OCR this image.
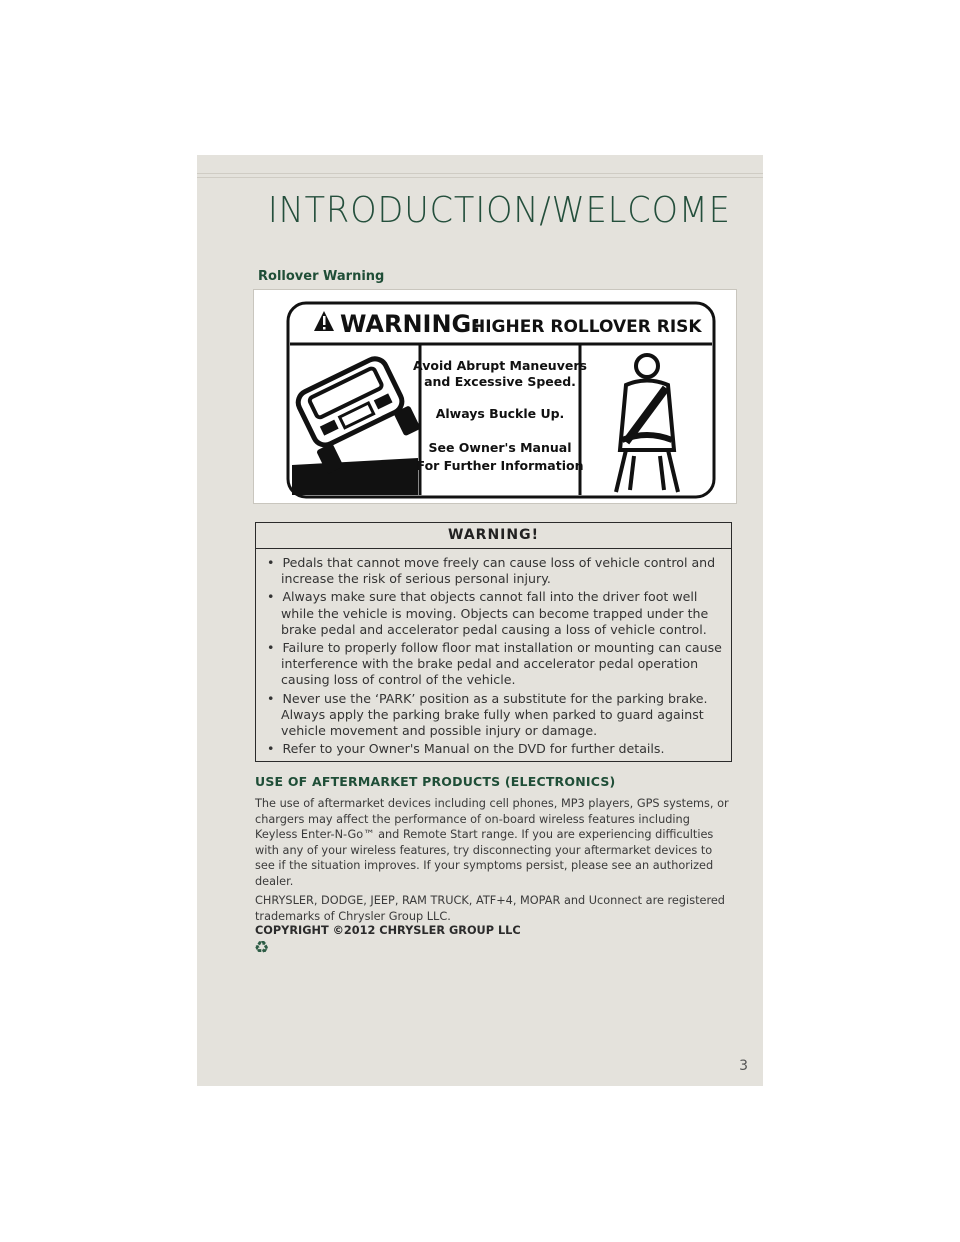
INTRODUCTION/WELCOME
Rollover Warning
WARNING:
HIGHER ROLLOVER RISK
Avoid Abrupt Maneuvers
and Excessive Speed.
Always Buckle Up.
See Owner's Manual
For Further Information
WARNING!
• Pedals that cannot move freely can cause loss of vehicle control and increase the risk of serious personal injury.
• Always make sure that objects cannot fall into the driver foot well while the vehicle is moving. Objects can become trapped under the brake pedal and accelerator pedal causing a loss of vehicle control.
• Failure to properly follow floor mat installation or mounting can cause interference with the brake pedal and accelerator pedal operation causing loss of control of the vehicle.
• Never use the ‘PARK’ position as a substitute for the parking brake. Always apply the parking brake fully when parked to guard against vehicle movement and possible injury or damage.
• Refer to your Owner's Manual on the DVD for further details.
USE OF AFTERMARKET PRODUCTS (ELECTRONICS)
The use of aftermarket devices including cell phones, MP3 players, GPS systems, or chargers may affect the performance of on-board wireless features including Keyless Enter-N-Go™ and Remote Start range. If you are experiencing difficulties with any of your wireless features, try disconnecting your aftermarket devices to see if the situation improves. If your symptoms persist, please see an authorized dealer.
CHRYSLER, DODGE, JEEP, RAM TRUCK, ATF+4, MOPAR and Uconnect are registered trademarks of Chrysler Group LLC.
COPYRIGHT ©2012 CHRYSLER GROUP LLC
♻
3
